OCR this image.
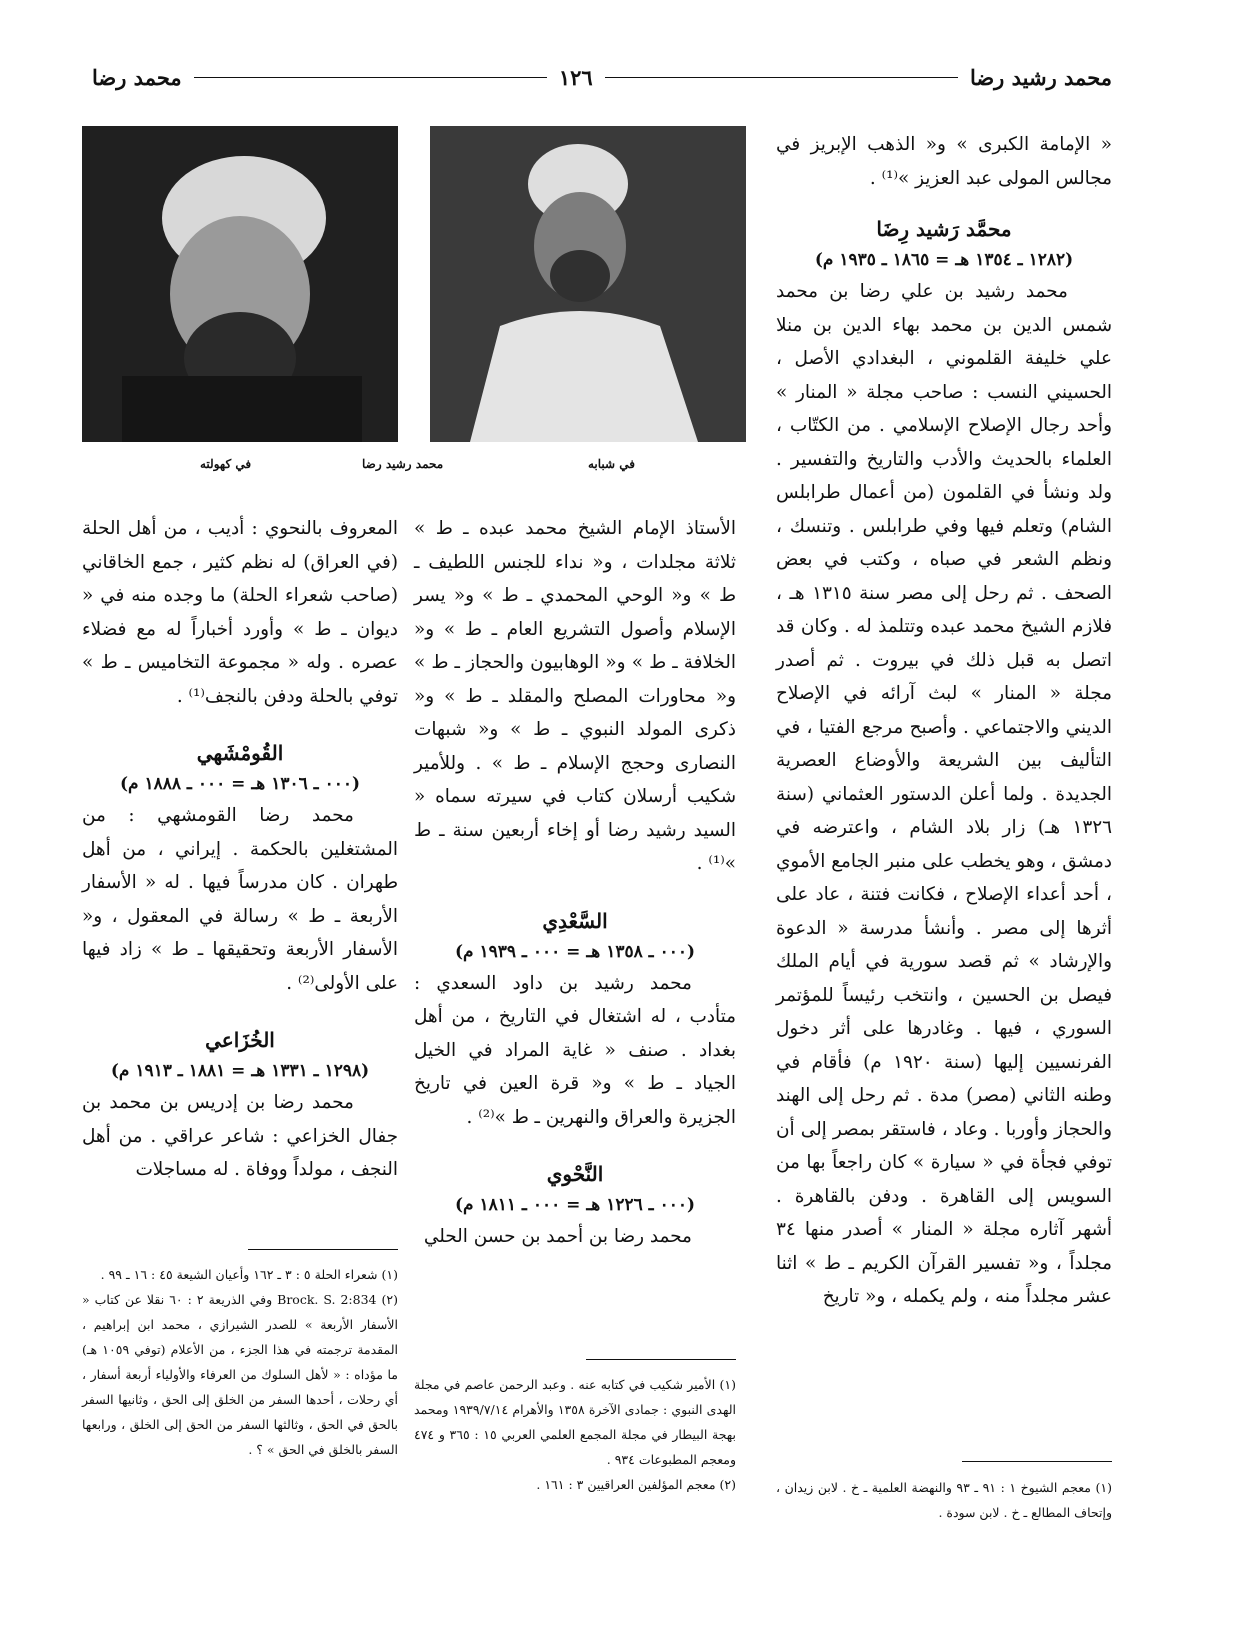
محمد رشيد رضا
١٢٦
محمد رضا

« الإمامة الكبرى » و« الذهب الإبريز في مجالس المولى عبد العزيز »⁽¹⁾ .

محمَّد رَشيد رِضَا

(١٢٨٢ ـ ١٣٥٤ هـ = ١٨٦٥ ـ ١٩٣٥ م)

محمد رشيد بن علي رضا بن محمد شمس الدين بن محمد بهاء الدين بن منلا علي خليفة القلموني ، البغدادي الأصل ، الحسيني النسب : صاحب مجلة « المنار » وأحد رجال الإصلاح الإسلامي . من الكتّاب ، العلماء بالحديث والأدب والتاريخ والتفسير . ولد ونشأ في القلمون (من أعمال طرابلس الشام) وتعلم فيها وفي طرابلس . وتنسك ، ونظم الشعر في صباه ، وكتب في بعض الصحف . ثم رحل إلى مصر سنة ١٣١٥ هـ ، فلازم الشيخ محمد عبده وتتلمذ له . وكان قد اتصل به قبل ذلك في بيروت . ثم أصدر مجلة « المنار » لبث آرائه في الإصلاح الديني والاجتماعي . وأصبح مرجع الفتيا ، في التأليف بين الشريعة والأوضاع العصرية الجديدة . ولما أعلن الدستور العثماني (سنة ١٣٢٦ هـ) زار بلاد الشام ، واعترضه في دمشق ، وهو يخطب على منبر الجامع الأموي ، أحد أعداء الإصلاح ، فكانت فتنة ، عاد على أثرها إلى مصر . وأنشأ مدرسة « الدعوة والإرشاد » ثم قصد سورية في أيام الملك فيصل بن الحسين ، وانتخب رئيساً للمؤتمر السوري ، فيها . وغادرها على أثر دخول الفرنسيين إليها (سنة ١٩٢٠ م) فأقام في وطنه الثاني (مصر) مدة . ثم رحل إلى الهند والحجاز وأوربا . وعاد ، فاستقر بمصر إلى أن توفي فجأة في « سيارة » كان راجعاً بها من السويس إلى القاهرة . ودفن بالقاهرة . أشهر آثاره مجلة « المنار » أصدر منها ٣٤ مجلداً ، و« تفسير القرآن الكريم ـ ط » اثنا عشر مجلداً منه ، ولم يكمله ، و« تاريخ

(١) معجم الشيوخ ١ : ٩١ ـ ٩٣ والنهضة العلمية ـ خ . لابن زيدان ، وإتحاف المطالع ـ خ . لابن سودة .

في كهولته	محمد رشيد رضا	في شبابه

الأستاذ الإمام الشيخ محمد عبده ـ ط » ثلاثة مجلدات ، و« نداء للجنس اللطيف ـ ط » و« الوحي المحمدي ـ ط » و« يسر الإسلام وأصول التشريع العام ـ ط » و« الخلافة ـ ط » و« الوهابيون والحجاز ـ ط » و« محاورات المصلح والمقلد ـ ط » و« ذكرى المولد النبوي ـ ط » و« شبهات النصارى وحجج الإسلام ـ ط » . وللأمير شكيب أرسلان كتاب في سيرته سماه « السيد رشيد رضا أو إخاء أربعين سنة ـ ط »⁽¹⁾ .

السَّعْدِي

(٠٠٠ ـ ١٣٥٨ هـ = ٠٠٠ ـ ١٩٣٩ م)

محمد رشيد بن داود السعدي : متأدب ، له اشتغال في التاريخ ، من أهل بغداد . صنف « غاية المراد في الخيل الجياد ـ ط » و« قرة العين في تاريخ الجزيرة والعراق والنهرين ـ ط »⁽²⁾ .

النَّحْوي

(٠٠٠ ـ ١٢٢٦ هـ = ٠٠٠ ـ ١٨١١ م)

محمد رضا بن أحمد بن حسن الحلي

(١) الأمير شكيب في كتابه عنه . وعبد الرحمن عاصم في مجلة الهدى النبوي : جمادى الآخرة ١٣٥٨ والأهرام ١٩٣٩/٧/١٤ ومحمد بهجة البيطار في مجلة المجمع العلمي العربي ١٥ : ٣٦٥ و ٤٧٤ ومعجم المطبوعات ٩٣٤ .

(٢) معجم المؤلفين العراقيين ٣ : ١٦١ .

المعروف بالنحوي : أديب ، من أهل الحلة (في العراق) له نظم كثير ، جمع الخاقاني (صاحب شعراء الحلة) ما وجده منه في « ديوان ـ ط » وأورد أخباراً له مع فضلاء عصره . وله « مجموعة التخاميس ـ ط » توفي بالحلة ودفن بالنجف⁽¹⁾ .

القُومْشَهي

(٠٠٠ ـ ١٣٠٦ هـ = ٠٠٠ ـ ١٨٨٨ م)

محمد رضا القومشهي : من المشتغلين بالحكمة . إيراني ، من أهل طهران . كان مدرساً فيها . له « الأسفار الأربعة ـ ط » رسالة في المعقول ، و« الأسفار الأربعة وتحقيقها ـ ط » زاد فيها على الأولى⁽²⁾ .

الخُزَاعي

(١٢٩٨ ـ ١٣٣١ هـ = ١٨٨١ ـ ١٩١٣ م)

محمد رضا بن إدريس بن محمد بن جفال الخزاعي : شاعر عراقي . من أهل النجف ، مولداً ووفاة . له مساجلات

(١) شعراء الحلة ٥ : ٣ ـ ١٦٢ وأعيان الشيعة ٤٥ : ١٦ ـ ٩٩ .

(٢) Brock. S. 2:834 وفي الذريعة ٢ : ٦٠ نقلا عن كتاب « الأسفار الأربعة » للصدر الشيرازي ، محمد ابن إبراهيم ، المقدمة ترجمته في هذا الجزء ، من الأعلام (توفي ١٠٥٩ هـ) ما مؤداه : « لأهل السلوك من العرفاء والأولياء أربعة أسفار ، أي رحلات ، أحدها السفر من الخلق إلى الحق ، وثانيها السفر بالحق في الحق ، وثالثها السفر من الحق إلى الخلق ، ورابعها السفر بالخلق في الحق » ؟ .
